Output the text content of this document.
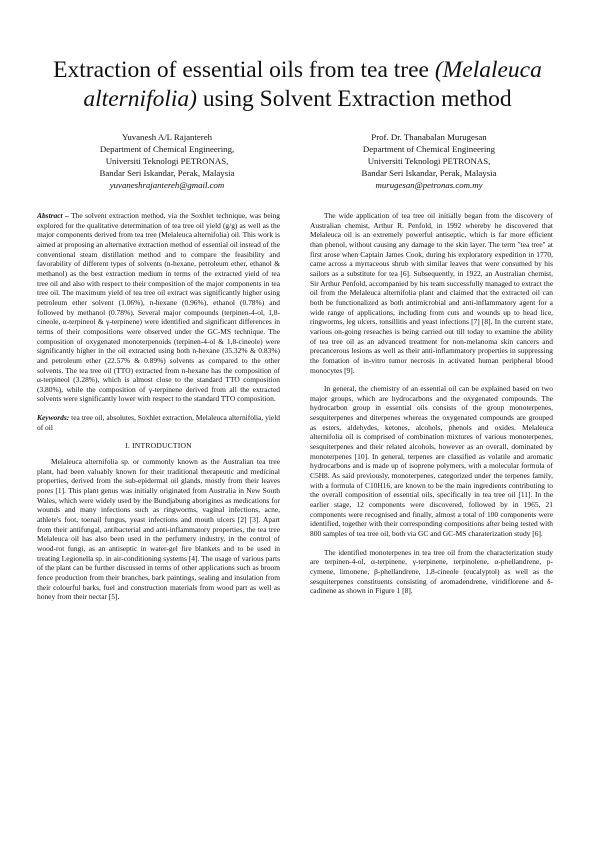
Extraction of essential oils from tea tree (Melaleuca alternifolia) using Solvent Extraction method
Yuvanesh A/L Rajantereh
Department of Chemical Engineering,
Universiti Teknologi PETRONAS,
Bandar Seri Iskandar, Perak, Malaysia
yuvaneshrajantereh@gmail.com
Prof. Dr. Thanabalan Murugesan
Department of Chemical Engineering
Universiti Teknologi PETRONAS,
Bandar Seri Iskandar, Perak, Malaysia
murugesan@petronas.com.my

Abstract – The solvent extraction method, via the Soxhlet technique, was being explored for the qualitative determination of tea tree oil yield (g/g) as well as the major components derived from tea tree (Melaleuca alternifolia) oil. This work is aimed at proposing an alternative extraction method of essential oil instead of the conventional steam distillation method and to compare the feasibility and favorability of different types of solvents (n-hexane, petroleum ether, ethanol & methanol) as the best extraction medium in terms of the extracted yield of tea tree oil and also with respect to their composition of the major components in tea tree oil. The maximum yield of tea tree oil extract was significantly higher using petroleum ether solvent (1.06%), n-hexane (0.96%), ethanol (0.78%) and followed by methanol (0.78%). Several major compounds (terpinen-4-ol, 1,8-cineole, α-terpineol & γ-terpinene) were identified and significant differences in terms of their compositions were observed under the GC-MS technique. The composition of oxygenated monoterpenoids (terpinen-4-ol & 1,8-cineole) were significantly higher in the oil extracted using both n-hexane (35.32% & 0.83%) and petroleum ether (22.57% & 0.89%) solvents as compared to the other solvents. The tea tree oil (TTO) extracted from n-hexane has the composition of α-terpineol (3.28%), which is almost close to the standard TTO composition (3.80%), while the composition of γ-terpinene derived from all the extracted solvents were significantly lower with respect to the standard TTO composition.

Keywords: tea tree oil, absolutes, Soxhlet extraction, Melaleuca alternifolia, yield of oil

I. INTRODUCTION

Melaleuca alternifolia sp. or commonly known as the Australian tea tree plant, had been valuably known for their traditional therapeutic and medicinal properties, derived from the sub-epidermal oil glands, mostly from their leaves pores [1]. This plant genus was initially originated from Australia in New South Wales, which were widely used by the Bundjabung aborigines as medications for wounds and many infections such as ringworms, vaginal infections, acne, athlete's foot, toenail fungus, yeast infections and mouth ulcers [2] [3]. Apart from their antifungal, antibacterial and anti-inflammatory properties, the tea tree Melaleuca oil has also been used in the perfumery industry, in the control of wood-rot fungi, as an antiseptic in water-gel fire blankets and to be used in treating Legionella sp. in air-conditioning systems [4]. The usage of various parts of the plant can be further discussed in terms of other applications such as broom fence production from their branches, bark paintings, sealing and insulation from their colourful barks, fuel and construction materials from wood part as well as honey from their nectar [5].

The wide application of tea tree oil initially began from the discovery of Australian chemist, Arthur R. Penfold, in 1992 whereby he discovered that Melaleuca oil is an extremely powerful antiseptic, which is far more efficient than phenol, without causing any damage to the skin layer. The term "tea tree" at first arose when Captain James Cook, during his exploratory expedition in 1770, came across a myrtaceous shrub with similar leaves that were consumed by his sailors as a substitute for tea [6]. Subsequently, in 1922, an Australian chemist, Sir Arthur Penfold, accompanied by his team successfully managed to extract the oil from the Melaleuca alternifolia plant and claimed that the extracted oil can both be functionalized as both antimicrobial and anti-inflammatory agent for a wide range of applications, including from cuts and wounds up to head lice, ringworms, leg ulcers, tonsillitis and yeast infections [7] [8]. In the current state, various on-going reseaches is being carried out till today to examine the ability of tea tree oil as an advanced treatment for non-melanoma skin cancers and precancerous lesions as well as their anti-inflammatory properties in suppressing the fomation of in-vitro tumor necrosis in activated human peripheral blood monocytes [9].

In general, the chemistry of an essential oil can be explained based on two major groups, which are hydrocarbons and the oxygenated compounds. The hydrocarbon group in essential oils consists of the group monoterpenes, sesquiterpenes and diterpenes whereas the oxygenated compounds are grouped as esters, aldehydes, ketones, alcohols, phenols and oxides. Melaleuca alternifolia oil is comprised of combination mixtures of various monoterpenes, sesquiterpenes and their related alcohols, however as an overall, dominated by monoterpenes [10]. In general, terpenes are classified as volatile and aromatic hydrocarbons and is made up of isoprene polymers, with a molecular formula of C5H8. As said previously, monoterpenes, categorized under the terpenes family, with a formula of C10H16, are known to be the main ingredients contributing to the overall composition of essential oils, specifically in tea tree oil [11]. In the earlier stage, 12 components were discovered, followed by in 1965, 21 components were recognised and finally, almost a total of 100 components were identified, together with their corresponding compositions after being tested with 800 samples of tea tree oil, both via GC and GC-MS charaterization study [6].

The identified monoterpenes in tea tree oil from the characterization study are terpinen-4-ol, α-terpinene, γ-terpinene, terpinolene, α-phellandrene, p-cymene, limonene, β-phellandrene, 1,8-cineole (eucalyptol) as well as the sesquiterpenes constituents consisting of aromadendrene, viridiflorene and δ-cadinene as shown in Figure 1 [8].
